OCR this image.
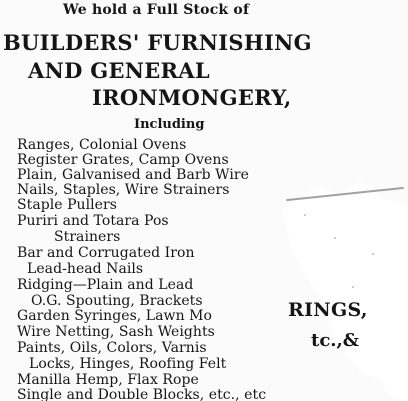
We hold a Full Stock of
BUILDERS' FURNISHING
AND GENERAL
IRONMONGERY,
Including
Ranges, Colonial Ovens
Register Grates, Camp Ovens
Plain, Galvanised and Barb Wire
Nails, Staples, Wire Strainers
Staple Pullers
Puriri and Totara Pos
Strainers
Bar and Corrugated Iron
Lead-head Nails
Ridging—Plain and Lead
O.G. Spouting, Brackets
Garden Syringes, Lawn Mo
Wire Netting, Sash Weights
Paints, Oils, Colors, Varnis
Locks, Hinges, Roofing Felt
Manilla Hemp, Flax Rope
Single and Double Blocks, etc., etc
RINGS,
tc.,&
